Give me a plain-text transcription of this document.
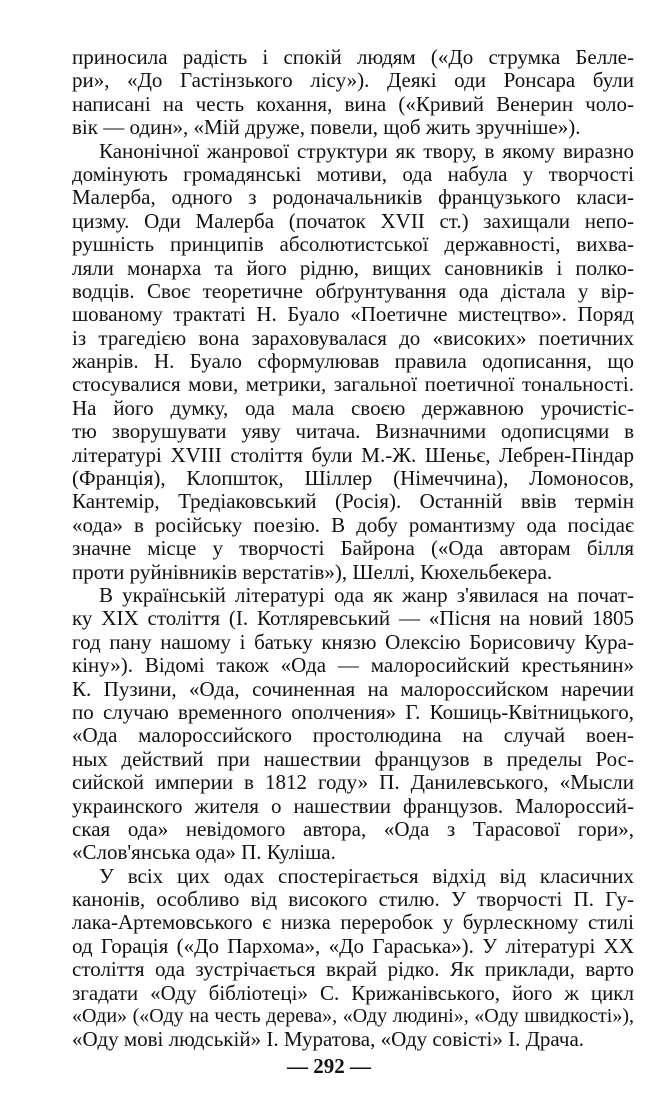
приносила радість і спокій людям («До струмка Белле-
ри», «До Гастінзького лісу»). Деякі оди Ронсара були
написані на честь кохання, вина («Кривий Венерин чоло-
вік — один», «Мій друже, повели, щоб жить зручніше»).
Канонічної жанрової структури як твору, в якому виразно
домінують громадянські мотиви, ода набула у творчості
Малерба, одного з родоначальників французького класи-
цизму. Оди Малерба (початок XVII ст.) захищали непо-
рушність принципів абсолютистської державності, вихва-
ляли монарха та його рідню, вищих сановників і полко-
водців. Своє теоретичне обґрунтування ода дістала у вір-
шованому трактаті Н. Буало «Поетичне мистецтво». Поряд
із трагедією вона зараховувалася до «високих» поетичних
жанрів. Н. Буало сформулював правила одописання, що
стосувалися мови, метрики, загальної поетичної тональності.
На його думку, ода мала своєю державною урочистіс-
тю зворушувати уяву читача. Визначними одописцями в
літературі XVIII століття були М.-Ж. Шеньє, Лебрен-Піндар
(Франція), Клопшток, Шіллер (Німеччина), Ломоносов,
Кантемір, Тредіаковський (Росія). Останній ввів термін
«ода» в російську поезію. В добу романтизму ода посідає
значне місце у творчості Байрона («Ода авторам білля
проти руйнівників верстатів»), Шеллі, Кюхельбекера.
В українській літературі ода як жанр з'явилася на почат-
ку XIX століття (І. Котляревський — «Пісня на новий 1805
год пану нашому і батьку князю Олексію Борисовичу Кура-
кіну»). Відомі також «Ода — малоросийский крестьянин»
К. Пузини, «Ода, сочиненная на малороссийском наречии
по случаю временного ополчения» Г. Кошиць-Квітницького,
«Ода малороссийского простолюдина на случай воен-
ных действий при нашествии французов в пределы Рос-
сийской империи в 1812 году» П. Данилевського, «Мысли
украинского жителя о нашествии французов. Малороссий-
ская ода» невідомого автора, «Ода з Тарасової гори»,
«Слов'янська ода» П. Куліша.
У всіх цих одах спостерігається відхід від класичних
канонів, особливо від високого стилю. У творчості П. Гу-
лака-Артемовського є низка переробок у бурлескному стилі
од Горація («До Пархома», «До Гараська»). У літературі XX
століття ода зустрічається вкрай рідко. Як приклади, варто
згадати «Оду бібліотеці» С. Крижанівського, його ж цикл
«Оди» («Оду на честь дерева», «Оду людині», «Оду швидкості»),
«Оду мові людській» І. Муратова, «Оду совісті» І. Драча.
— 292 —
